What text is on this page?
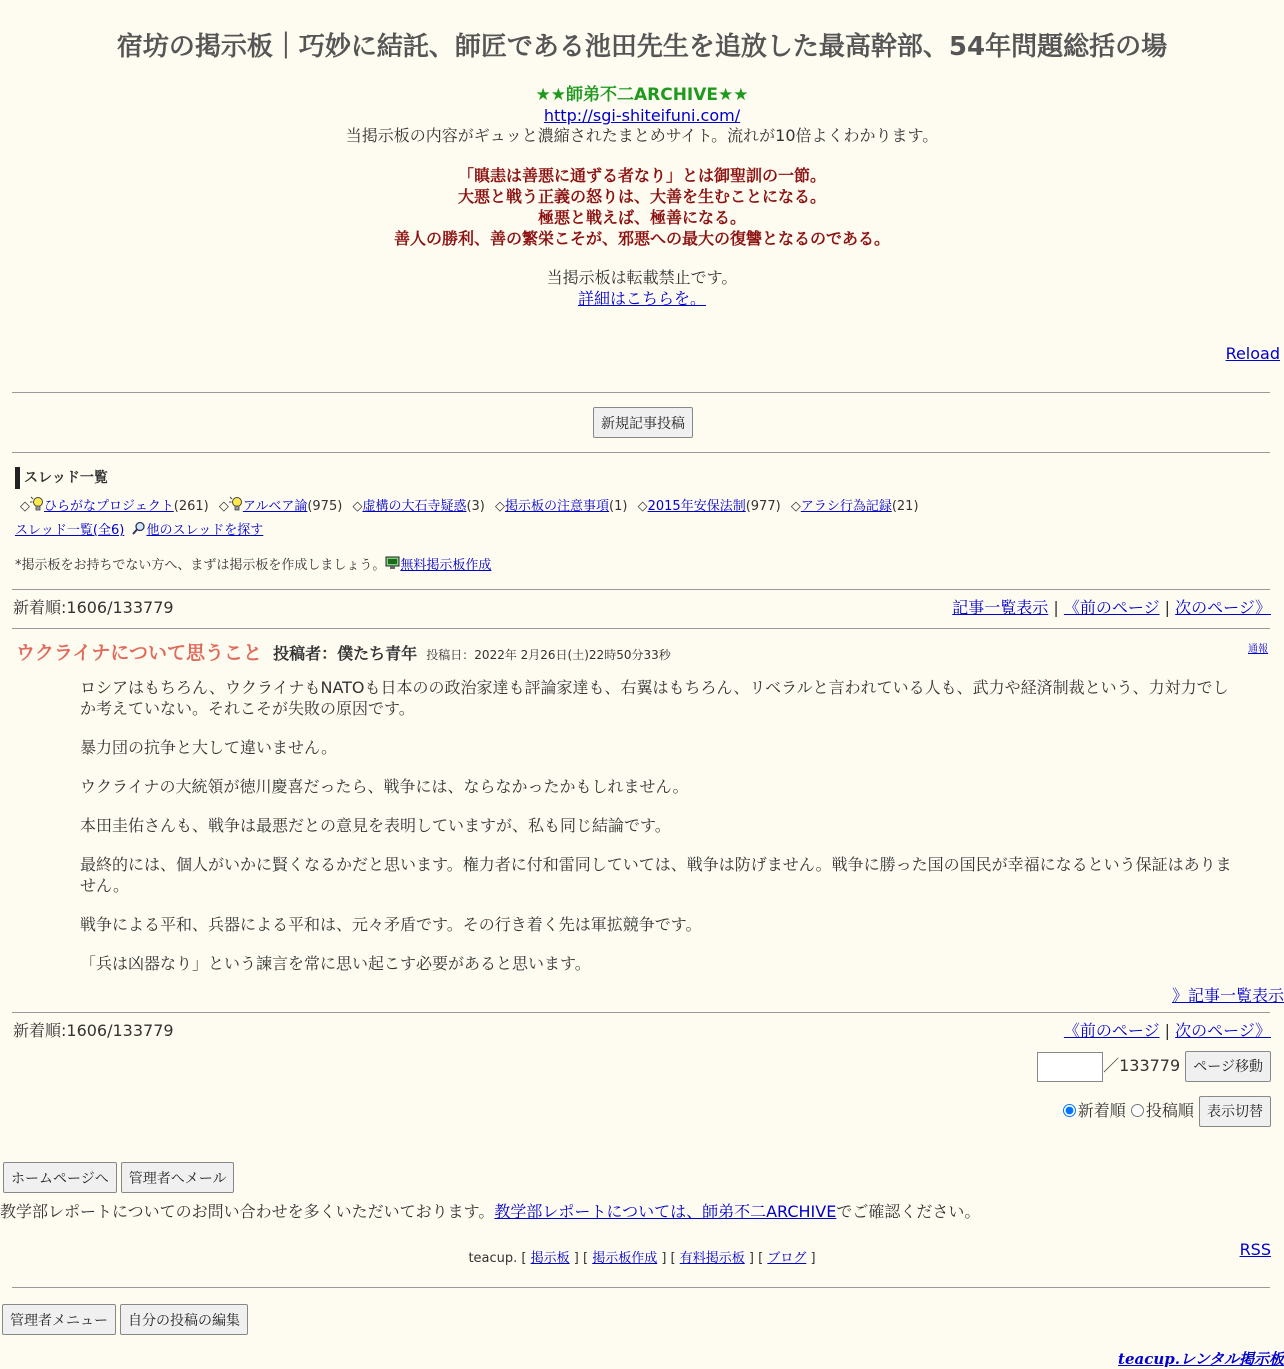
宿坊の掲示板｜巧妙に結託、師匠である池田先生を追放した最高幹部、54年問題総括の場
★★師弟不二ARCHIVE★★
http://sgi-shiteifuni.com/
当掲示板の内容がギュッと濃縮されたまとめサイト。流れが10倍よくわかります。
「瞋恚は善悪に通ずる者なり」とは御聖訓の一節。
大悪と戦う正義の怒りは、大善を生むことになる。
極悪と戦えば、極善になる。
善人の勝利、善の繁栄こそが、邪悪への最大の復讐となるのである。
当掲示板は転載禁止です。
詳細はこちらを。
Reload
新規記事投稿
スレッド一覧
◇ ひらがなプロジェクト(261) ◇ アルベア論(975) ◇虚構の大石寺疑惑(3) ◇掲示板の注意事項(1) ◇2015年安保法制(977) ◇アラシ行為記録(21)
スレッド一覧(全6) 他のスレッドを探す
*掲示板をお持ちでない方へ、まずは掲示板を作成しましょう。 無料掲示板作成
新着順:1606/133779	記事一覧表示 | 《前のページ | 次のページ》
ウクライナについて思うこと 投稿者：僕たち青年 投稿日：2022年 2月26日(土)22時50分33秒	通報

ロシアはもちろん、ウクライナもNATOも日本のの政治家達も評論家達も、右翼はもちろん、リベラルと言われている人も、武力や経済制裁という、力対力でしか考えていない。それこそが失敗の原因です。

暴力団の抗争と大して違いません。

ウクライナの大統領が徳川慶喜だったら、戦争には、ならなかったかもしれません。

本田圭佑さんも、戦争は最悪だとの意見を表明していますが、私も同じ結論です。

最終的には、個人がいかに賢くなるかだと思います。権力者に付和雷同していては、戦争は防げません。戦争に勝った国の国民が幸福になるという保証はありません。

戦争による平和、兵器による平和は、元々矛盾です。その行き着く先は軍拡競争です。

「兵は凶器なり」という諫言を常に思い起こす必要があると思います。

》記事一覧表示
新着順:1606/133779	《前のページ | 次のページ》
／133779 ページ移動
新着順 投稿順 表示切替
ホームページへ 管理者へメール
教学部レポートについてのお問い合わせを多くいただいております。教学部レポートについては、師弟不二ARCHIVEでご確認ください。
RSS
teacup. [ 掲示板 ] [ 掲示板作成 ] [ 有料掲示板 ] [ ブログ ]
管理者メニュー 自分の投稿の編集
teacup.レンタル掲示板
